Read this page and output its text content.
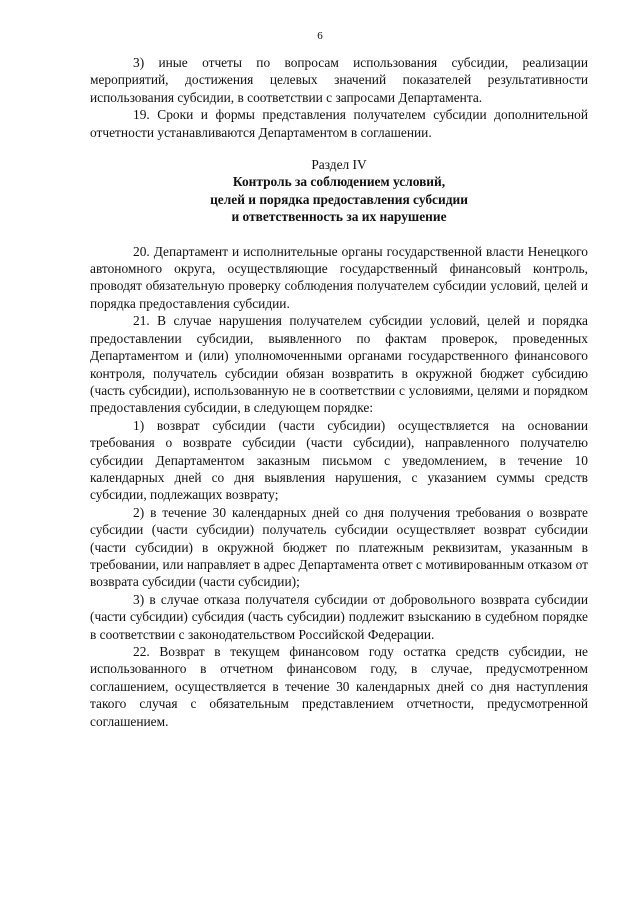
6

3) иные отчеты по вопросам использования субсидии, реализации мероприятий, достижения целевых значений показателей результативности использования субсидии, в соответствии с запросами Департамента.

19. Сроки и формы представления получателем субсидии дополнительной отчетности устанавливаются Департаментом в соглашении.

Раздел IV
Контроль за соблюдением условий,
целей и порядка предоставления субсидии
и ответственность за их нарушение

20. Департамент и исполнительные органы государственной власти Ненецкого автономного округа, осуществляющие государственный финансовый контроль, проводят обязательную проверку соблюдения получателем субсидии условий, целей и порядка предоставления субсидии.

21. В случае нарушения получателем субсидии условий, целей и порядка предоставлении субсидии, выявленного по фактам проверок, проведенных Департаментом и (или) уполномоченными органами государственного финансового контроля, получатель субсидии обязан возвратить в окружной бюджет субсидию (часть субсидии), использованную не в соответствии с условиями, целями и порядком предоставления субсидии, в следующем порядке:

1) возврат субсидии (части субсидии) осуществляется на основании требования о возврате субсидии (части субсидии), направленного получателю субсидии Департаментом заказным письмом с уведомлением, в течение 10 календарных дней со дня выявления нарушения, с указанием суммы средств субсидии, подлежащих возврату;

2) в течение 30 календарных дней со дня получения требования о возврате субсидии (части субсидии) получатель субсидии осуществляет возврат субсидии (части субсидии) в окружной бюджет по платежным реквизитам, указанным в требовании, или направляет в адрес Департамента ответ с мотивированным отказом от возврата субсидии (части субсидии);

3) в случае отказа получателя субсидии от добровольного возврата субсидии (части субсидии) субсидия (часть субсидии) подлежит взысканию в судебном порядке в соответствии с законодательством Российской Федерации.

22. Возврат в текущем финансовом году остатка средств субсидии, не использованного в отчетном финансовом году, в случае, предусмотренном соглашением, осуществляется в течение 30 календарных дней со дня наступления такого случая с обязательным представлением отчетности, предусмотренной соглашением.
